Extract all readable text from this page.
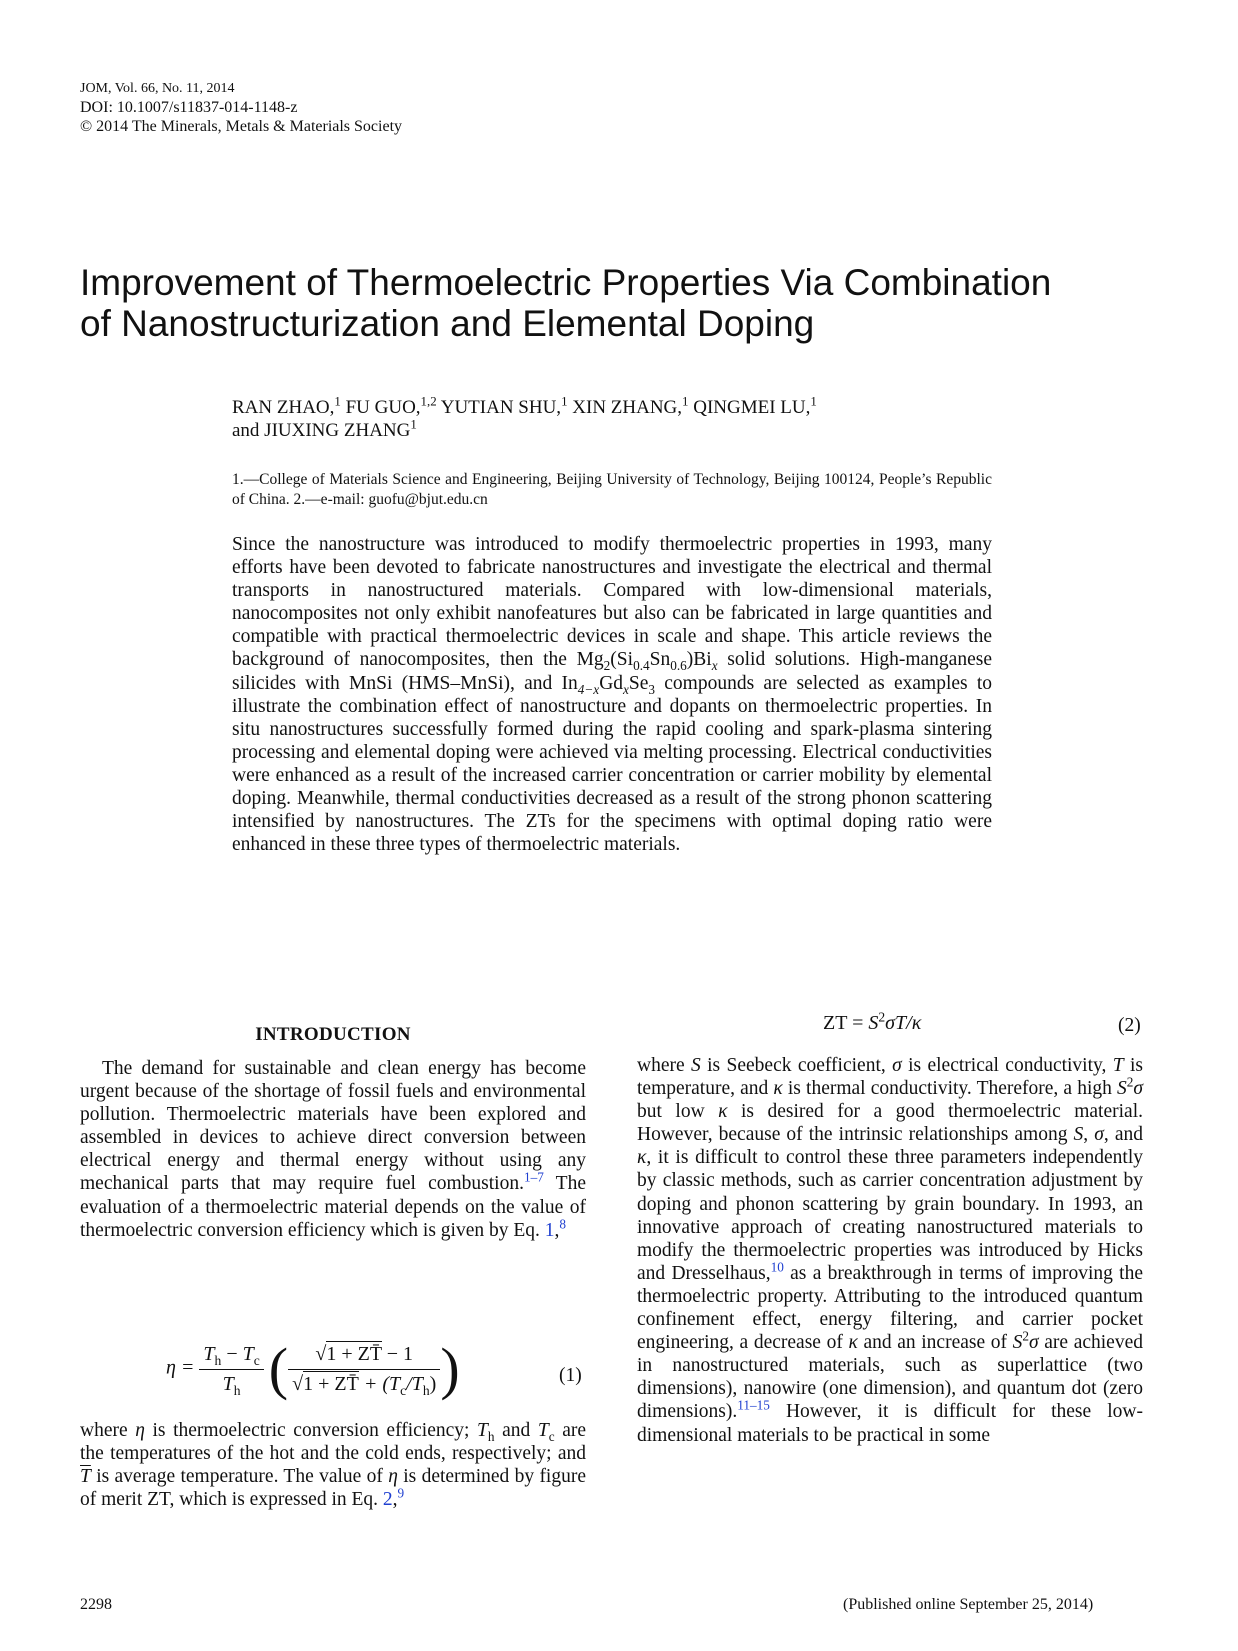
JOM, Vol. 66, No. 11, 2014
DOI: 10.1007/s11837-014-1148-z
© 2014 The Minerals, Metals & Materials Society
Improvement of Thermoelectric Properties Via Combination
of Nanostructurization and Elemental Doping
RAN ZHAO,$^1$ FU GUO,$^{1,2}$ YUTIAN SHU,$^1$ XIN ZHANG,$^1$ QINGMEI LU,$^1$
and JIUXING ZHANG$^1$
1.—College of Materials Science and Engineering, Beijing University of Technology, Beijing 100124, People’s Republic of China. 2.—e-mail: guofu@bjut.edu.cn
Since the nanostructure was introduced to modify thermoelectric properties in 1993, many efforts have been devoted to fabricate nanostructures and investigate the electrical and thermal transports in nanostructured materials. Compared with low-dimensional materials, nanocomposites not only exhibit nanofeatures but also can be fabricated in large quantities and compatible with practical thermoelectric devices in scale and shape. This article reviews the background of nanocomposites, then the $Mg_2(Si_{0.4}Sn_{0.6})Bi_x$ solid solutions. High-manganese silicides with MnSi (HMS–MnSi), and $In_{4-x}Gd_xSe_3$ compounds are selected as examples to illustrate the combination effect of nanostructure and dopants on thermoelectric properties. In situ nanostructures successfully formed during the rapid cooling and spark-plasma sintering processing and elemental doping were achieved via melting processing. Electrical conductivities were enhanced as a result of the increased carrier concentration or carrier mobility by elemental doping. Meanwhile, thermal conductivities decreased as a result of the strong phonon scattering intensified by nanostructures. The ZTs for the specimens with optimal doping ratio were enhanced in these three types of thermoelectric materials.
INTRODUCTION
The demand for sustainable and clean energy has become urgent because of the shortage of fossil fuels and environmental pollution. Thermoelectric materials have been explored and assembled in devices to achieve direct conversion between electrical energy and thermal energy without using any mechanical parts that may require fuel combustion.$^{1-7}$ The evaluation of a thermoelectric material depends on the value of thermoelectric conversion efficiency which is given by Eq. 1,$^8$
$\eta = \frac{T_h - T_c}{T_h}$ ( $\frac{√1 + ZT̄ - 1}{√1 + ZT̄ + (T_c/T_h)}$ )	(1)
where η is thermoelectric conversion efficiency; $T_h$ and $T_c$ are the temperatures of the hot and the cold ends, respectively; and $\overline{T}$ is average temperature. The value of η is determined by figure of merit ZT, which is expressed in Eq. 2,$^9$
ZT = $S^2\sigma T/\kappa$	(2)
where S is Seebeck coefficient, σ is electrical conductivity, T is temperature, and κ is thermal conductivity. Therefore, a high $S^2\sigma$ but low κ is desired for a good thermoelectric material. However, because of the intrinsic relationships among S, σ, and κ, it is difficult to control these three parameters independently by classic methods, such as carrier concentration adjustment by doping and phonon scattering by grain boundary. In 1993, an innovative approach of creating nanostructured materials to modify the thermoelectric properties was introduced by Hicks and Dresselhaus,$^{10}$ as a breakthrough in terms of improving the thermoelectric property. Attributing to the introduced quantum confinement effect, energy filtering, and carrier pocket engineering, a decrease of κ and an increase of $S^2\sigma$ are achieved in nanostructured materials, such as superlattice (two dimensions), nanowire (one dimension), and quantum dot (zero dimensions).$^{11-15}$ However, it is difficult for these low-dimensional materials to be practical in some
2298	(Published online September 25, 2014)
